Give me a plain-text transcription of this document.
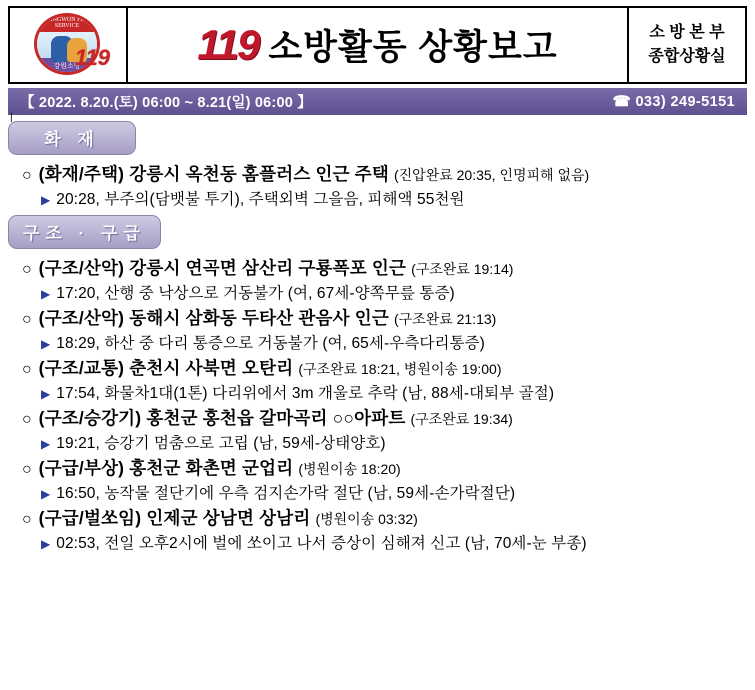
GANGWON FIRE SERVICE
강원소방
119 119 소방활동 상황보고	소 방 본 부
종합상황실
【 2022. 8.20.(토) 06:00 ~ 8.21(일) 06:00 】	☎ 033) 249-5151
|
화 재
○ (화재/주택) 강릉시 옥천동 홈플러스 인근 주택 (진압완료 20:35, 인명피해 없음)
▶ 20:28, 부주의(담뱃불 투기), 주택외벽 그을음, 피해액 55천원
구조 · 구급
○ (구조/산악) 강릉시 연곡면 삼산리 구룡폭포 인근 (구조완료 19:14)
▶ 17:20, 산행 중 낙상으로 거동불가 (여, 67세-양쪽무릎 통증)
○ (구조/산악) 동해시 삼화동 두타산 관음사 인근 (구조완료 21:13)
▶ 18:29, 하산 중 다리 통증으로 거동불가 (여, 65세-우측다리통증)
○ (구조/교통) 춘천시 사북면 오탄리 (구조완료 18:21, 병원이송 19:00)
▶ 17:54, 화물차1대(1톤) 다리위에서 3m 개울로 추락 (남, 88세-대퇴부 골절)
○ (구조/승강기) 홍천군 홍천읍 갈마곡리 ○○아파트 (구조완료 19:34)
▶ 19:21, 승강기 멈춤으로 고립 (남, 59세-상태양호)
○ (구급/부상) 홍천군 화촌면 군업리 (병원이송 18:20)
▶ 16:50, 농작물 절단기에 우측 검지손가락 절단 (남, 59세-손가락절단)
○ (구급/벌쏘임) 인제군 상남면 상남리 (병원이송 03:32)
▶ 02:53, 전일 오후2시에 벌에 쏘이고 나서 증상이 심해져 신고 (남, 70세-눈 부종)
